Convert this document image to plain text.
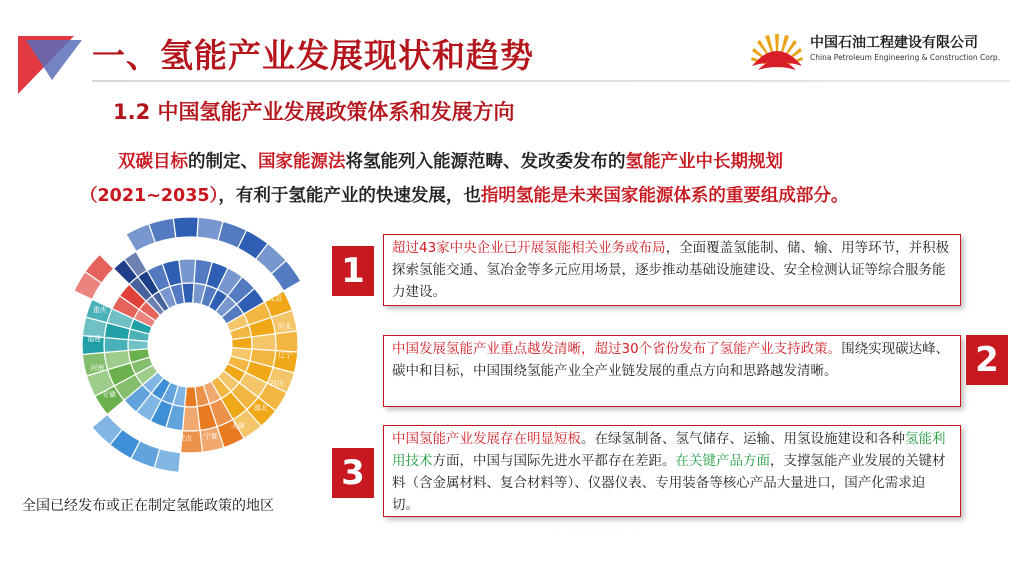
一、氢能产业发展现状和趋势	中国石油工程建设有限公司
China Petroleum Engineering & Construction Corp.
1.2 中国氢能产业发展政策体系和发展方向
双碳目标的制定、国家能源法将氢能列入能源范畴、发改委发布的氢能产业中长期规划
（2021~2035），有利于氢能产业的快速发展，也指明氢能是未来国家能源体系的重要组成部分。
浙江
广东 山东
江苏
上海
北京
河北
辽宁
四川
湖北
天津
宁夏
内蒙古
吉林
陕西
安徽
河南
福建
重庆
山西
全国已经发布或正在制定氢能政策的地区
1
超过43家中央企业已开展氢能相关业务或布局，全面覆盖氢能制、储、输、用等环节，并积极探索氢能交通、氢冶金等多元应用场景，逐步推动基础设施建设、安全检测认证等综合服务能力建设。
中国发展氢能产业重点越发清晰，超过30个省份发布了氢能产业支持政策。围绕实现碳达峰、碳中和目标，中国围绕氢能产业全产业链发展的重点方向和思路越发清晰。	2
3
中国氢能产业发展存在明显短板。在绿氢制备、氢气储存、运输、用氢设施建设和各种氢能利用技术方面，中国与国际先进水平都存在差距。在关键产品方面，支撑氢能产业发展的关键材料（含金属材料、复合材料等）、仪器仪表、专用装备等核心产品大量进口，国产化需求迫切。
· · · · · · ·
